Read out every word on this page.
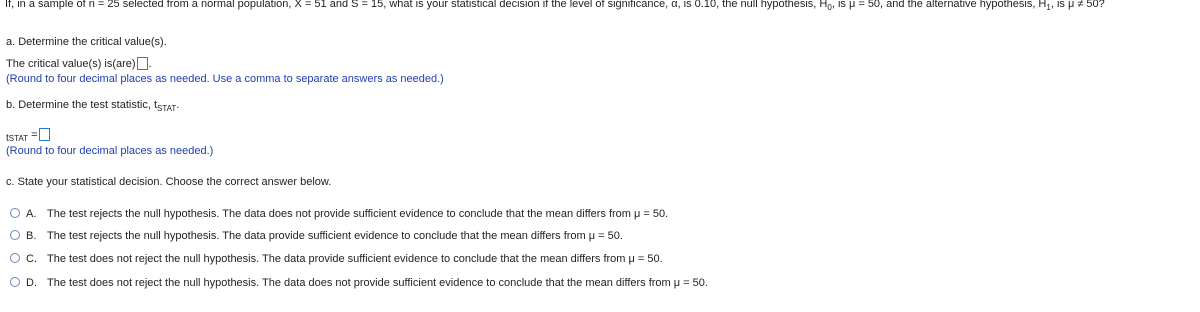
If, in a sample of n = 25 selected from a normal population, $\overline{X} = 51$ and S = 15, what is your statistical decision if the level of significance, α, is 0.10, the null hypothesis, $H_0$, is μ = 50, and the alternative hypothesis, $H_1$, is μ ≠ 50?
a. Determine the critical value(s).
The critical value(s) is(are) .
(Round to four decimal places as needed. Use a comma to separate answers as needed.)
b. Determine the test statistic, $t_{STAT}$.
$t_{STAT}$ =
(Round to four decimal places as needed.)
c. State your statistical decision. Choose the correct answer below.
A. The test rejects the null hypothesis. The data does not provide sufficient evidence to conclude that the mean differs from μ = 50.
B. The test rejects the null hypothesis. The data provide sufficient evidence to conclude that the mean differs from μ = 50.
C. The test does not reject the null hypothesis. The data provide sufficient evidence to conclude that the mean differs from μ = 50.
D. The test does not reject the null hypothesis. The data does not provide sufficient evidence to conclude that the mean differs from μ = 50.
